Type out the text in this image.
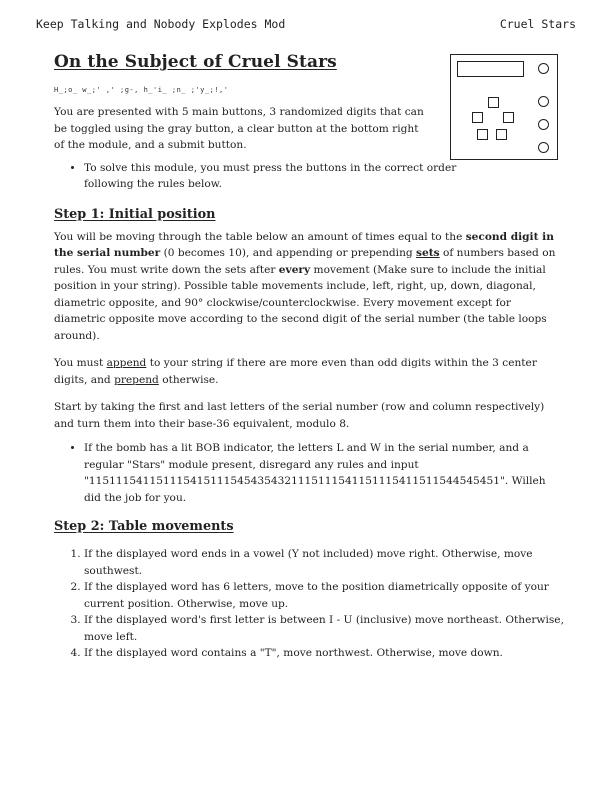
Keep Talking and Nobody Explodes Mod	Cruel Stars
On the Subject of Cruel Stars
H_;o_ w_;' ,' ;g-, h_'i_ ;n_ ;'y_;!,'

You are presented with 5 main buttons, 3 randomized digits that can be toggled using the gray button, a clear button at the bottom right of the module, and a submit button.

• To solve this module, you must press the buttons in the correct order following the rules below.
Step 1: Initial position

You will be moving through the table below an amount of times equal to the second digit in the serial number (0 becomes 10), and appending or prepending sets of numbers based on rules. You must write down the sets after every movement (Make sure to include the initial position in your string). Possible table movements include, left, right, up, down, diagonal, diametric opposite, and 90° clockwise/counterclockwise. Every movement except for diametric opposite move according to the second digit of the serial number (the table loops around).

You must append to your string if there are more even than odd digits within the 3 center digits, and prepend otherwise.

Start by taking the first and last letters of the serial number (row and column respectively) and turn them into their base-36 equivalent, modulo 8.

• If the bomb has a lit BOB indicator, the letters L and W in the serial number, and a regular "Stars" module present, disregard any rules and input "1151115411511154151115454354321115111541151115411511544545451". Willeh did the job for you.
Step 2: Table movements
1. If the displayed word ends in a vowel (Y not included) move right. Otherwise, move southwest.
2. If the displayed word has 6 letters, move to the position diametrically opposite of your current position. Otherwise, move up.
3. If the displayed word's first letter is between I - U (inclusive) move northeast. Otherwise, move left.
4. If the displayed word contains a "T", move northwest. Otherwise, move down.
